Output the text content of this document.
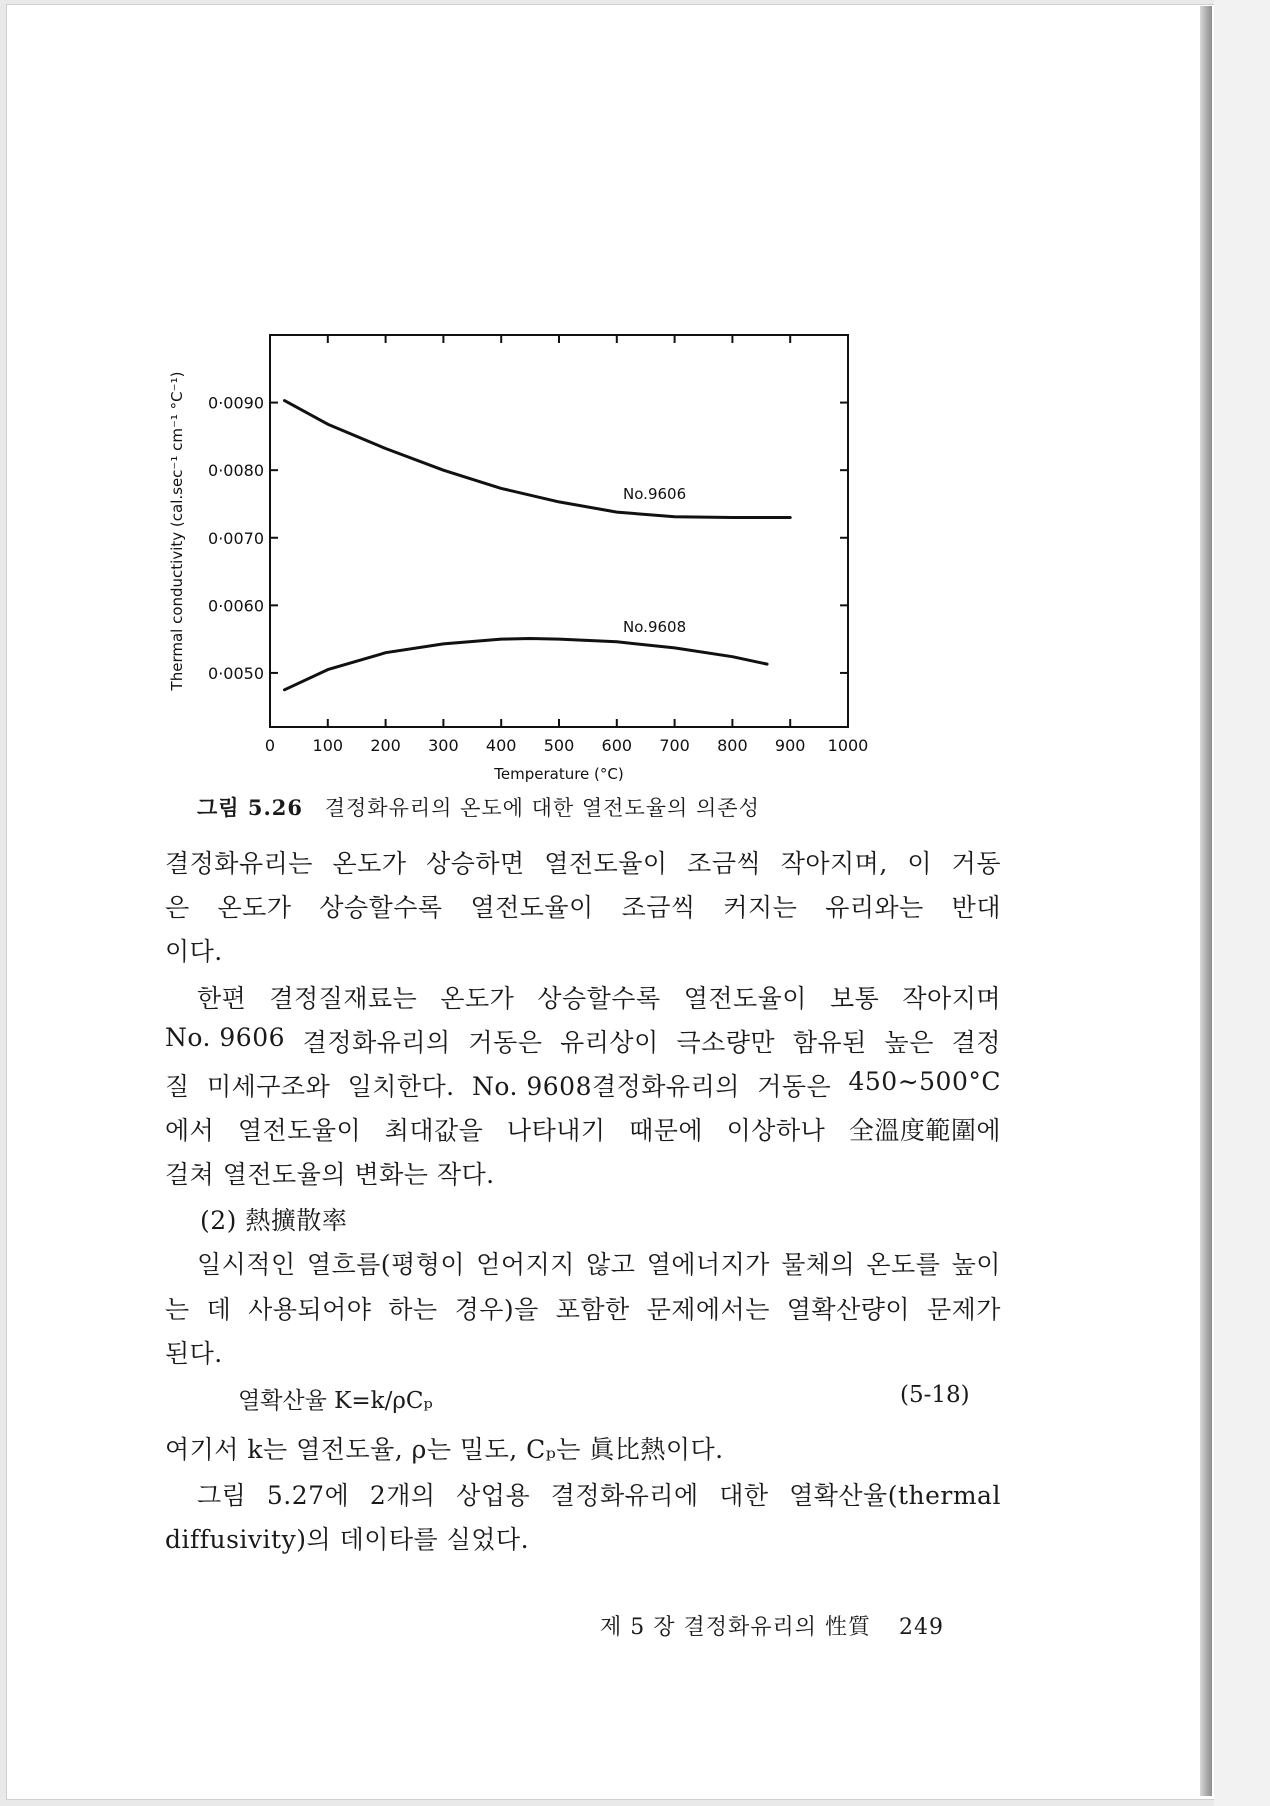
0 100 200 300 400 500 600 700 800 900 1000
0·0050
0·0060
0·0070
0·0080
0·0090
Temperature (°C)
Thermal conductivity (cal.sec⁻¹ cm⁻¹ °C⁻¹)	No.9606
No.9608
그림 5.26 결정화유리의 온도에 대한 열전도율의 의존성
결정화유리는 온도가 상승하면 열전도율이 조금씩 작아지며, 이 거동
은 온도가 상승할수록 열전도율이 조금씩 커지는 유리와는 반대
이다.
한편 결정질재료는 온도가 상승할수록 열전도율이 보통 작아지며
No. 9606 결정화유리의 거동은 유리상이 극소량만 함유된 높은 결정
질 미세구조와 일치한다. No. 9608결정화유리의 거동은 450∼500°C
에서 열전도율이 최대값을 나타내기 때문에 이상하나 全溫度範圍에
걸쳐 열전도율의 변화는 작다.
(2) 熱擴散率
일시적인 열흐름(평형이 얻어지지 않고 열에너지가 물체의 온도를 높이
는 데 사용되어야 하는 경우)을 포함한 문제에서는 열확산량이 문제가
된다.
열확산율 K=k/ρCₚ	(5-18)
여기서 k는 열전도율, ρ는 밀도, Cₚ는 眞比熱이다.
그림 5.27에 2개의 상업용 결정화유리에 대한 열확산율(thermal
diffusivity)의 데이타를 실었다.
제 5 장 결정화유리의 性質 249
